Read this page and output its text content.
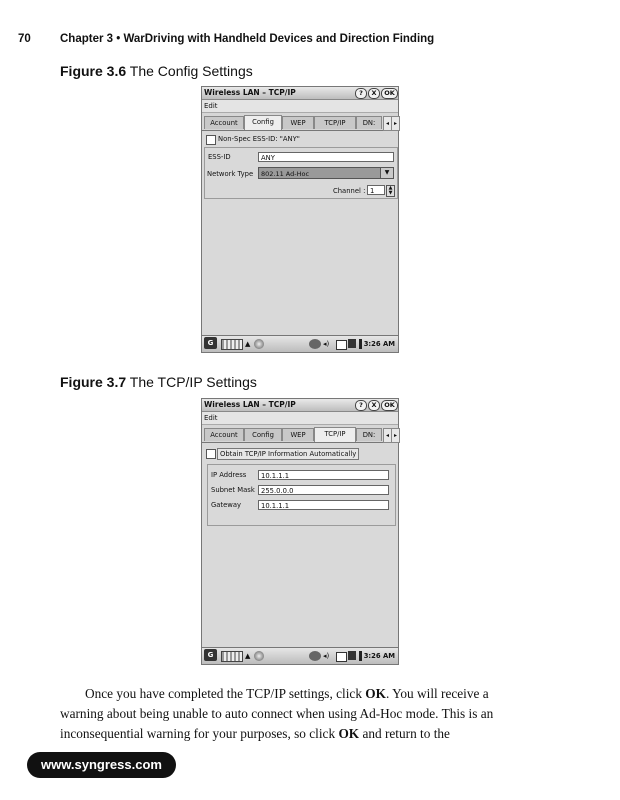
70	Chapter 3 • WarDriving with Handheld Devices and Direction Finding
Figure 3.6 The Config Settings
Wireless LAN – TCP/IP	?	X	OK
Edit
Account	Config	WEP	TCP/IP	DN:	◂ ▸
Non-Spec ESS-ID: "ANY"
ESS-ID	ANY
Network Type	802.11 Ad-Hoc	▼
Channel : 1	▲
▼
G	▲	◂)	3:26 AM
Figure 3.7 The TCP/IP Settings
Wireless LAN – TCP/IP	?	X	OK
Edit
Account	Config	WEP	TCP/IP	DN:	◂ ▸
Obtain TCP/IP Information Automatically
IP Address	10.1.1.1
Subnet Mask 255.0.0.0
Gateway	10.1.1.1
G	▲	◂)	3:26 AM

Once you have completed the TCP/IP settings, click OK. You will receive a

warning about being unable to auto connect when using Ad-Hoc mode. This is an
inconsequential warning for your purposes, so click OK and return to the
www.syngress.com
